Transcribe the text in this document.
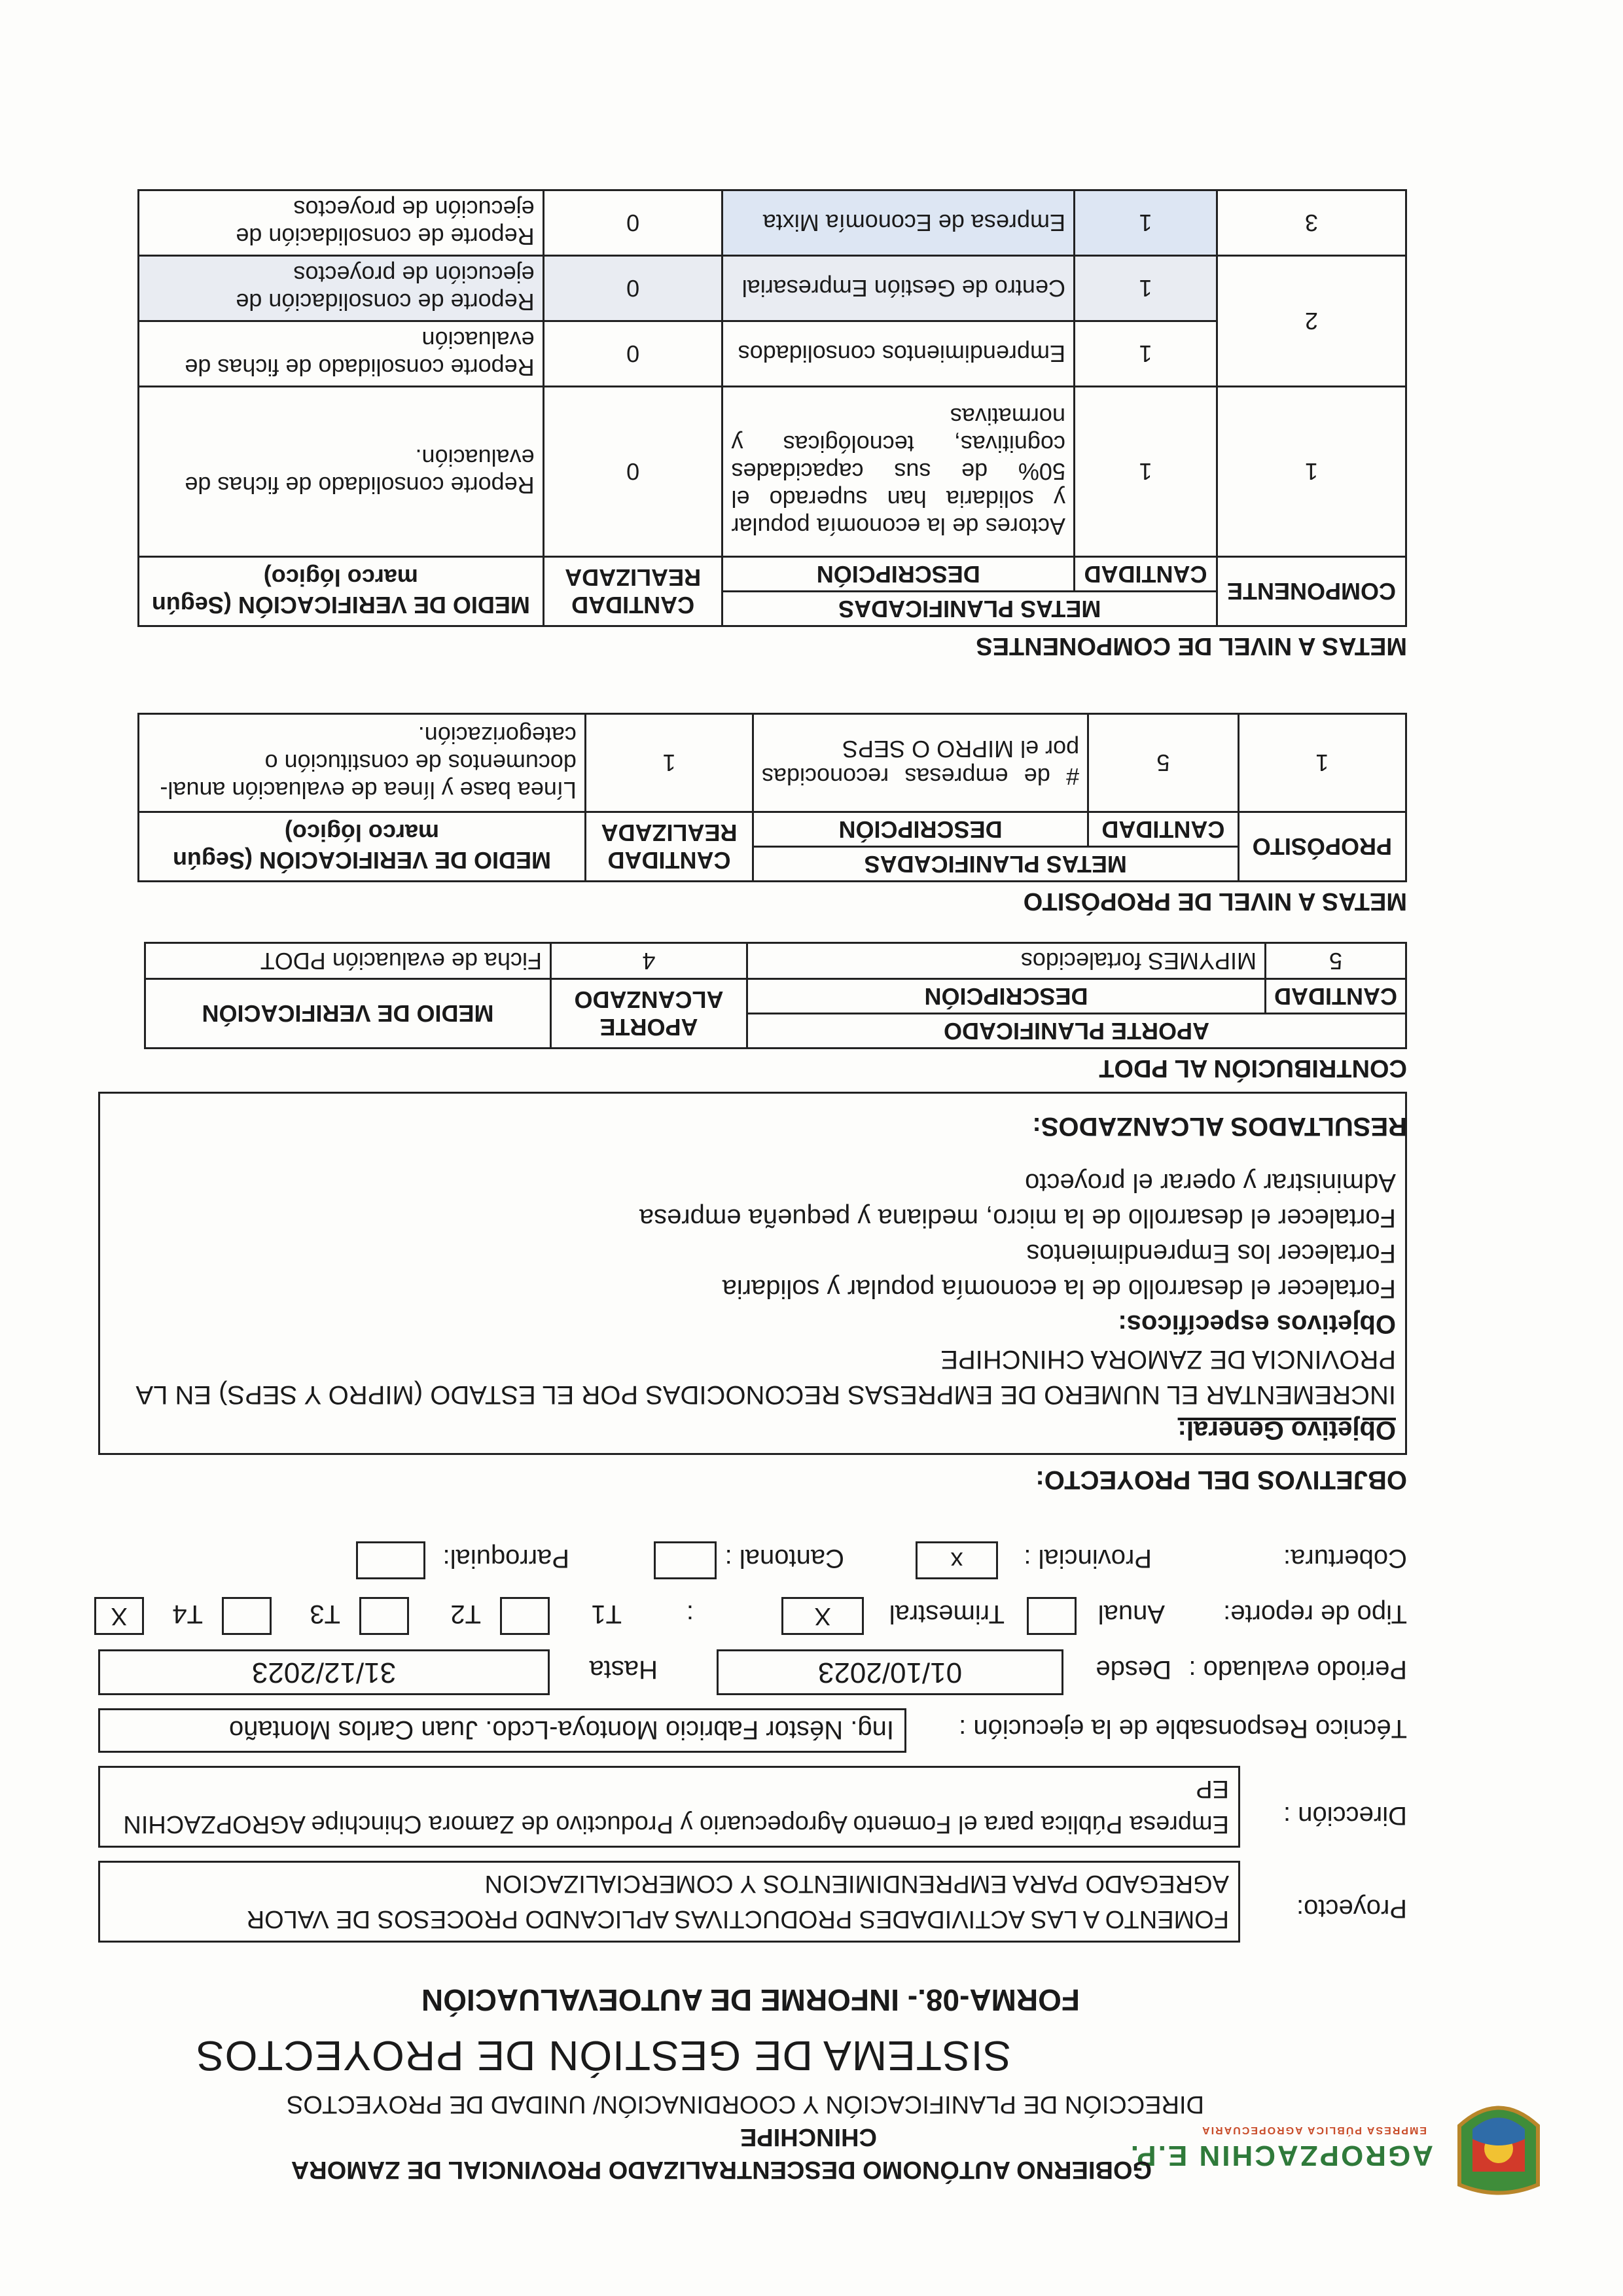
AGROPZACHIN E.P.
EMPRESA PÚBLICA AGROPECUARIA
GOBIERNO AUTÓNOMO DESCENTRALIZADO PROVINCIAL DE ZAMORA
CHINCHIPE
DIRECCIÓN DE PLANIFICACIÓN Y COORDINACIÓN/ UNIDAD DE PROYECTOS
SISTEMA DE GESTIÓN DE PROYECTOS
FORMA-08.- INFORME DE AUTOEVALUACIÓN
Proyecto:
FOMENTO A LAS ACTIVIDADES PRODUCTIVAS APLICANDO PROCESOS DE VALOR AGREGADO PARA EMPRENDIMIENTOS Y COMERCIALIZACION
Dirección :
Empresa Pública para el Fomento Agropecuario y Productivo de Zamora Chinchipe AGROPZACHIN EP
Técnico Responsable de la ejecución :
Ing. Néstor Fabricio Montoya-Lcdo. Juan Carlos Montaño
Periodo evaluado :
Desde
01/10/2023
Hasta
31/12/2023
Tipo de reporte:
Anual
Trimestral
X
:
T1
T2
T3
T4
X
Cobertura:
Provincial :
x
Cantonal :
Parroquial:
OBJETIVOS DEL PROYECTO:
Objetivo General:
INCREMENTAR EL NUMERO DE EMPRESAS RECONOCIDAS POR EL ESTADO (MIPRO Y SEPS) EN LA PROVINCIA DE ZAMORA CHINCHIPE
Objetivos específicos:
Fortalecer el desarrollo de la economía popular y solidaria
Fortalecer los Emprendimientos
Fortalecer el desarrollo de la micro, mediana y pequeña empresa
Administrar y operar el proyecto
RESULTADOS ALCANZADOS:
CONTRIBUCIÓN AL PDOT
APORTE PLANIFICADO		APORTE ALCANZADO	MEDIO DE VERIFICACIÓN
CANTIDAD	DESCRIPCIÓN		
5	MIPYMES fortalecidos	4	Ficha de evaluación PDOT
METAS A NIVEL DE PROPÓSITO
PROPÓSITO	METAS PLANIFICADAS		CANTIDAD REALIZADA	MEDIO DE VERIFICACIÓN (Según marco lógico)
	CANTIDAD	DESCRIPCIÓN		
1	5	# de empresas reconocidas por el MIPRO O SEPS	1	Línea base y línea de evaluación anual-documentos de constitución o categorización.
METAS A NIVEL DE COMPONENTES
COMPONENTE	METAS PLANIFICADAS		CANTIDAD REALIZADA	MEDIO DE VERIFICACIÓN (Según marco lógico)
	CANTIDAD	DESCRIPCIÓN		
1	1	Actores de la economía popular y solidaria han superado el 50% de sus capacidades cognitivas, tecnológicas y normativas	0	Reporte consolidado de fichas de evaluación.
2	1	Emprendimientos consolidados	0	Reporte consolidado de fichas de evaluación
	1	Centro de Gestión Empresarial	0	Reporte de consolidación de ejecución de proyectos
3	1	Empresa de Economía Mixta	0	Reporte de consolidación de ejecución de proyectos
